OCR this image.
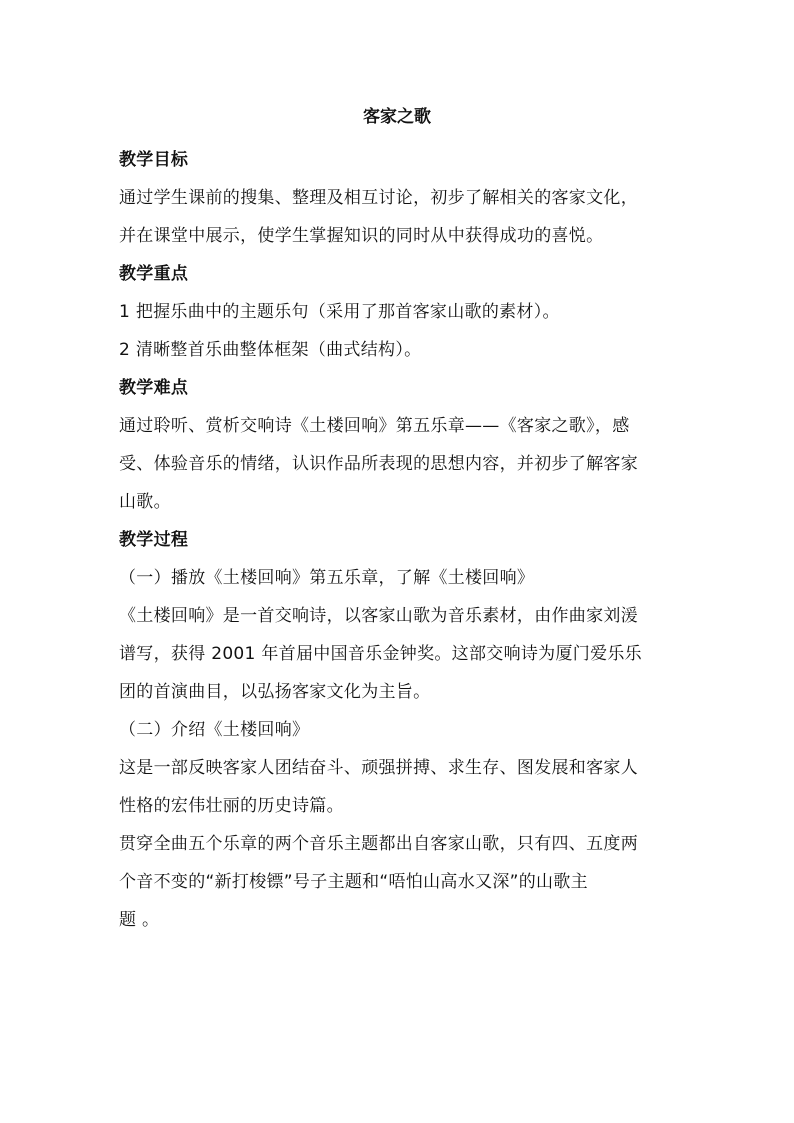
客家之歌
教学目标
通过学生课前的搜集、整理及相互讨论，初步了解相关的客家文化，
并在课堂中展示，使学生掌握知识的同时从中获得成功的喜悦。
教学重点
1 把握乐曲中的主题乐句（采用了那首客家山歌的素材）。
2 清晰整首乐曲整体框架（曲式结构）。
教学难点
通过聆听、赏析交响诗《土楼回响》第五乐章——《客家之歌》，感
受、体验音乐的情绪，认识作品所表现的思想内容，并初步了解客家
山歌。
教学过程
（一）播放《土楼回响》第五乐章，了解《土楼回响》
《土楼回响》是一首交响诗，以客家山歌为音乐素材，由作曲家刘湲
谱写，获得 2001 年首届中国音乐金钟奖。这部交响诗为厦门爱乐乐
团的首演曲目，以弘扬客家文化为主旨。
（二）介绍《土楼回响》
这是一部反映客家人团结奋斗、顽强拼搏、求生存、图发展和客家人
性格的宏伟壮丽的历史诗篇。
贯穿全曲五个乐章的两个音乐主题都出自客家山歌，只有四、五度两
个音不变的“新打梭镖”号子主题和“唔怕山高水又深”的山歌主
题 。
